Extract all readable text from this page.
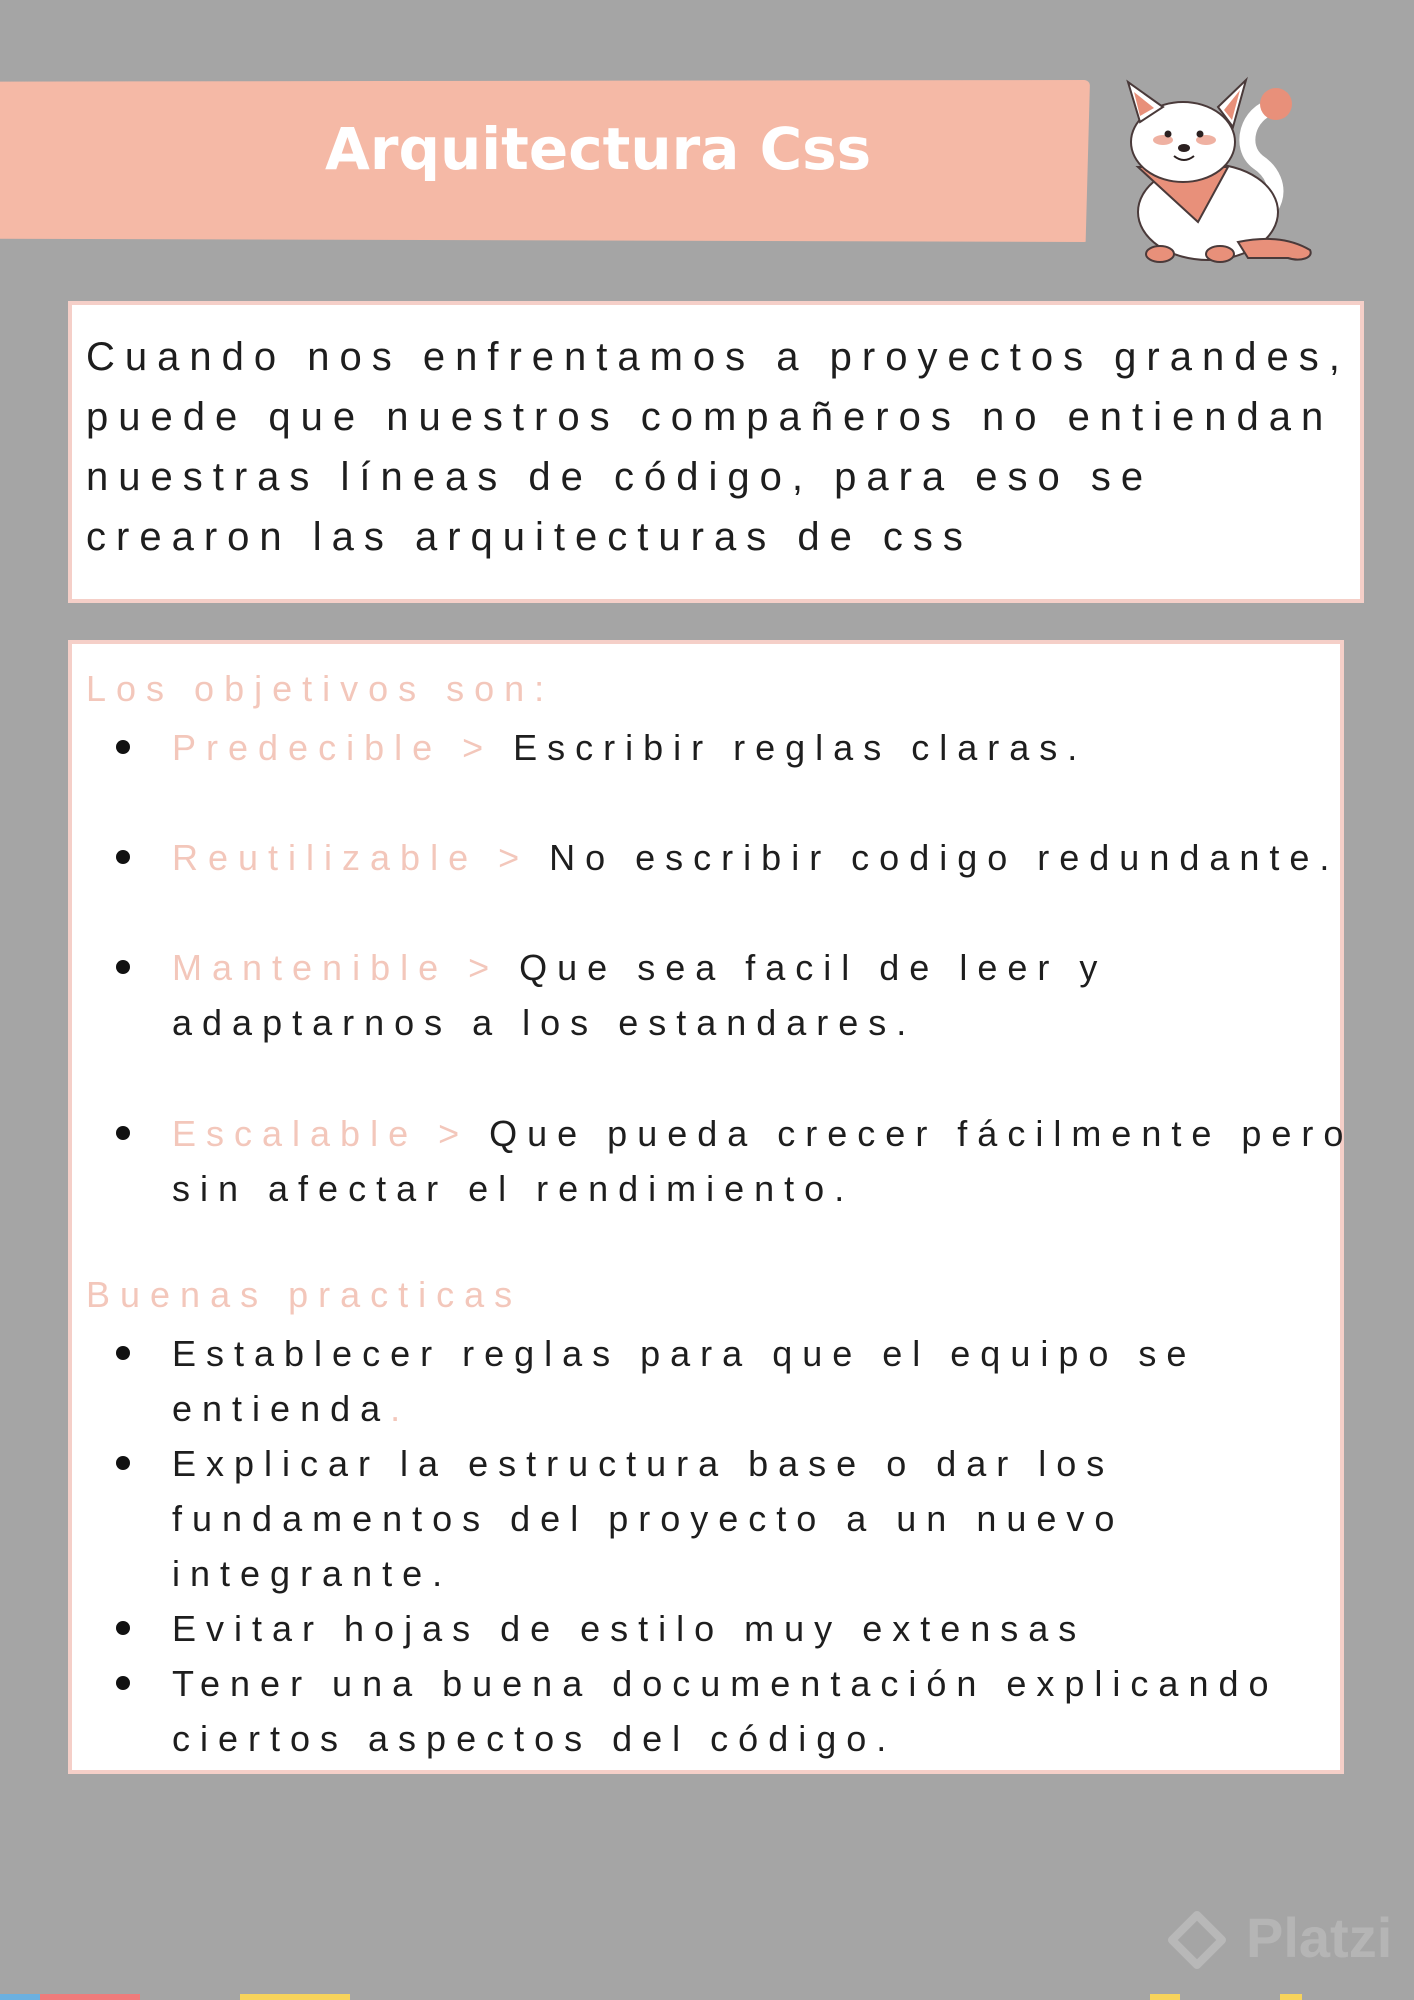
Arquitectura Css
Cuando nos enfrentamos a proyectos grandes,
puede que nuestros compañeros no entiendan
nuestras líneas de código, para eso se
crearon las arquitecturas de css
Los objetivos son:
Predecible > Escribir reglas claras.
Reutilizable > No escribir codigo redundante.
Mantenible > Que sea facil de leer y
adaptarnos a los estandares.
Escalable > Que pueda crecer fácilmente pero
sin afectar el rendimiento.
Buenas practicas
Establecer reglas para que el equipo se
entienda.
Explicar la estructura base o dar los
fundamentos del proyecto a un nuevo
integrante.
Evitar hojas de estilo muy extensas
Tener una buena documentación explicando
ciertos aspectos del código.
Platzi
